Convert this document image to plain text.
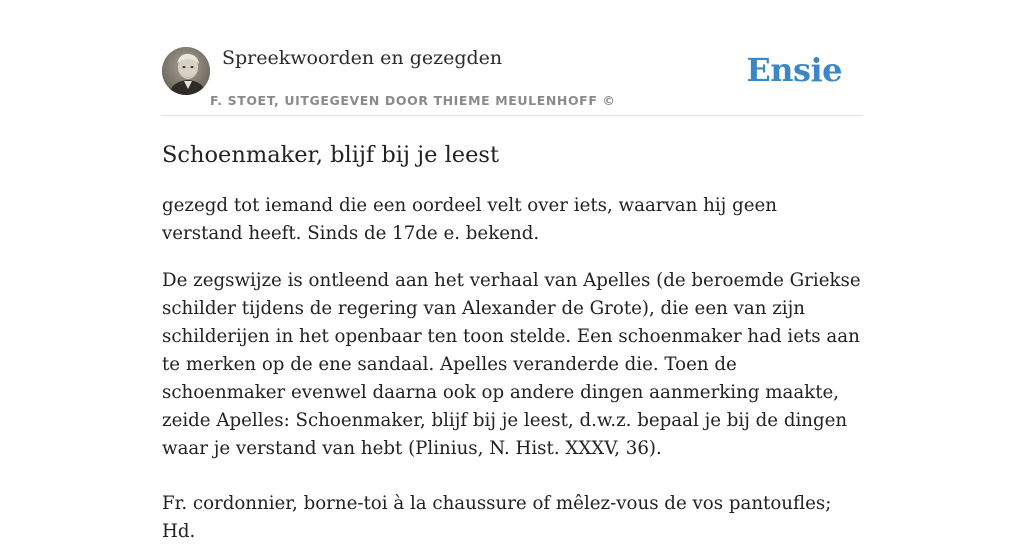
Spreekwoorden en gezegden
F. STOET, UITGEGEVEN DOOR THIEME MEULENHOFF ©
Ensie
Schoenmaker, blijf bij je leest

gezegd tot iemand die een oordeel velt over iets, waarvan hij geen verstand heeft. Sinds de 17de e. bekend.

De zegswijze is ontleend aan het verhaal van Apelles (de beroemde Griekse schilder tijdens de regering van Alexander de Grote), die een van zijn schilderijen in het openbaar ten toon stelde. Een schoenmaker had iets aan te merken op de ene sandaal. Apelles veranderde die. Toen de schoenmaker evenwel daarna ook op andere dingen aanmerking maakte, zeide Apelles: Schoenmaker, blijf bij je leest, d.w.z. bepaal je bij de dingen waar je verstand van hebt (Plinius, N. Hist. XXXV, 36).

Fr. cordonnier, borne-toi à la chaussure of mêlez-vous de vos pantoufles; Hd.
